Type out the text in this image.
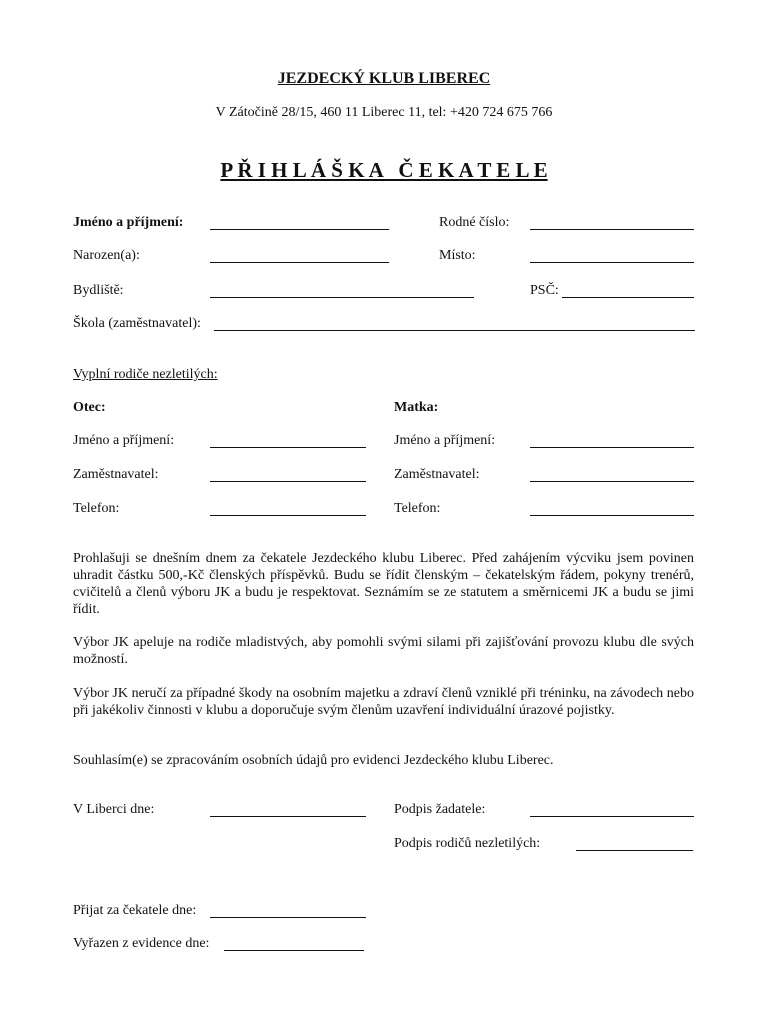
JEZDECKÝ KLUB LIBEREC
V Zátočině 28/15, 460 11 Liberec 11, tel: +420 724 675 766
P Ř I H L Á Š K A   Č E K A T E L E
Jméno a příjmení:	Rodné číslo:
Narozen(a):	Místo:
Bydliště:	PSČ:
Škola (zaměstnavatel):
Vyplní rodiče nezletilých:
Otec:	Matka:
Jméno a příjmení:	Jméno a příjmení:
Zaměstnavatel:	Zaměstnavatel:
Telefon:	Telefon:
Prohlašuji se dnešním dnem za čekatele Jezdeckého klubu Liberec. Před zahájením výcviku jsem povinen uhradit částku 500,-Kč členských příspěvků. Budu se řídit členským – čekatelským řádem, pokyny trenérů, cvičitelů a členů výboru JK a budu je respektovat. Seznámím se ze statutem a směrnicemi JK a budu se jimi řídit.
Výbor JK apeluje na rodiče mladistvých, aby pomohli svými silami při zajišťování provozu klubu dle svých možností.
Výbor JK neručí za případné škody na osobním majetku a zdraví členů vzniklé při tréninku, na závodech nebo při jakékoliv činnosti v klubu a doporučuje svým členům uzavření individuální úrazové pojistky.
Souhlasím(e) se zpracováním osobních údajů pro evidenci Jezdeckého klubu Liberec.
V Liberci dne:	Podpis žadatele:
Podpis rodičů nezletilých:
Přijat za čekatele dne:
Vyřazen z evidence dne:
